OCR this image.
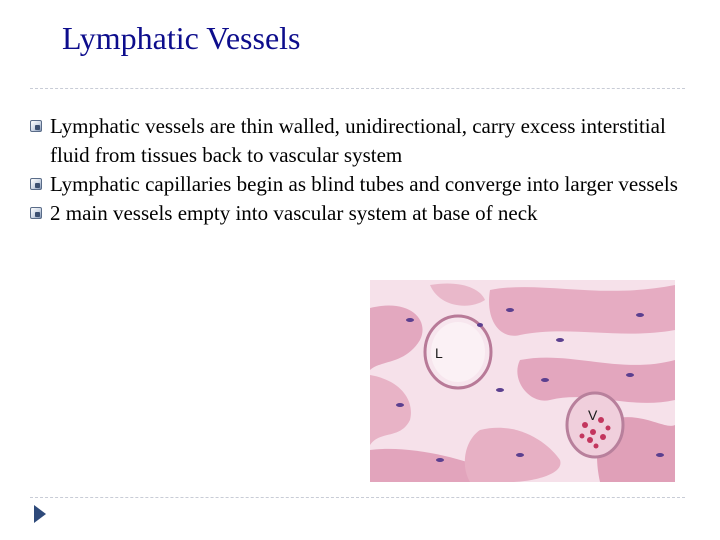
Lymphatic Vessels
Lymphatic vessels are thin walled, unidirectional, carry excess interstitial fluid from tissues back to vascular system
Lymphatic capillaries begin as blind tubes and converge into larger vessels
2 main vessels empty into vascular system at base of neck
L
V
